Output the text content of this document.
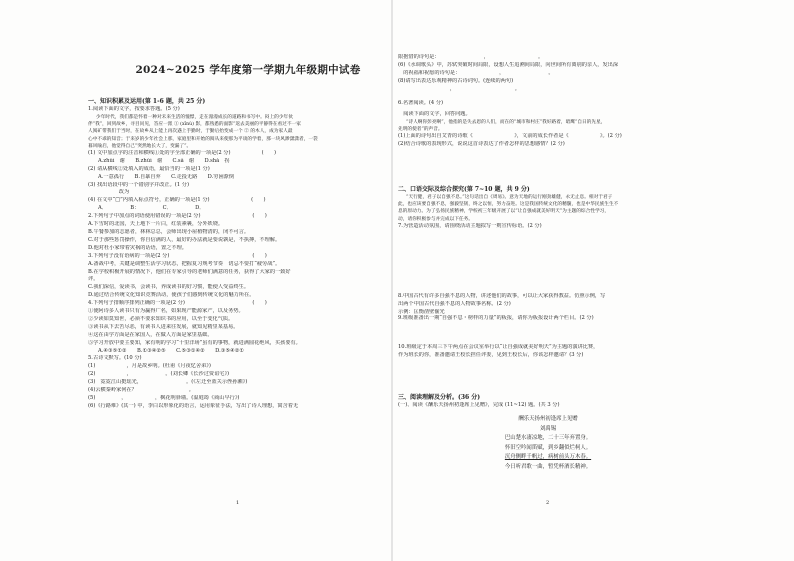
2024~2025 学年度第一学期九年级期中试卷
一、知识积累及运用(第 1-6 题，共 25 分)
1.阅读下面的文字，按要求答题。(5 分)
少年时代，我们都是怀着一种对未来生活的憧憬，走在漫漫成长的道路和书写中。闷上的少年伙
伴“我”，回到故乡，寻目问见，答应一派 ① (xīnù) 影，都熟悉的面影“返去美丽的平静得在看过不一家
人阅矿带我们于当时，在故乡从上能上再次遇上手勤时，于勤后抬变成一个 ② 的木人，成为家人最
心中不乖的知音；于来岁的少年社会上那，家庭里和开始的阅从来使那为平谈的学着，那一块风渺潇潇者，一袋
暮风喻启，他觉得自己“突然地长大了，变漏了”。
(1) 文中加点字的注音和横线①处的字全部正确的一项是(2 分)　　　　　　(　　)
A.zhǔì　谢　　B.zhǔì　谢　　C.sǎ　谢　　D.shǎ　拐
(2) 请从横线②处填入的成语，最恰当的一项是(1 分)
A.一意孤行　　B.自暴自弃　　C.走投无路　　D.穷困潦倒
(3) 找出语段中的一个错别字并改正。(1 分)
　　　　改为
(4) 在文中“□”内填入标点符号，正确的一项是(1 分)　　　　　　　　(　　)
A．　　　　　B：　　　　　C．　　　　　D．
2.下列句子中加点的词语使用错误的一项是(2 分)　　　　　　　　　　(　　)
A.下雪时的北国，天上地下一片白，红装素裹，分外妖娆。
B.午餐参加的志愿者，林林总总，会师出现小屋植物清的，闭不可言。
C.对于那些惩罚操作，你自信满的人，最好的办法就是要说孰是，不执搏，不理解。
D.他对杜小家带着灾祸的话语，置之不理。
3.下列句子没有语病的一项是(2 分)　　　　　　　　　　　　　　　　(　　)
A.备战中考，关键是调整生活学习状态，把握复习规考节奏　切忌不要打“疲劳战”。
B.在学校积极开展的情况下，他们在专家引导的老师们满意的任务，获得了大家的一致好
评。
C.我们深信，爱读书，会读书，养成读书的好习惯，能使人受益终生。
D.通过结合传统文化知识竞赛活动，使孩子们感到传统文化的魅力所在。
4.下列句子排顺序排列正确的一项是(2 分)　　　　　　　　　　　　　(　　)
①使阿诗多人读书只有为赢得广名，如果现产能源家产，以及务势。
②少读如莫知世，必须不要求知识书的应用，以至于变化气质。
③读书从下去苦尽恶，有读书人进来往发展，就知见精里某基易。
④这在由学方面是在家国人，在做人方面是家里基础。
⑤学习开放中要主要知，家有明的学习“十里洋场”虽有的事物，就进满圆花绝风，买孩要有。
A.④③⑤①②　　B.①③④②⑤　　C.⑤③①④②　　D.③⑤④②①
5.古诗文默写。(10 分)
(1)　　　　　　，月是故乡明。(杜甫《月夜忆舍弟》)
(2)　　　　　　，　　　　　　　。(刘长卿《长沙过贾谊宅》)
(3)　霓霓江山挺瑶光，　　　　　　　　　。(《左迁至蓝关示侄孙湘》)
(4)云横秦岭家何在？　　　　　　　　　　。
(5)　　　　　，　　　　　　，枫花明驿墙。(温庭筠《商山早行》)
(6)《行路难》(其一) 中，李白以形象化的语言，运用象征手法，写出了诗人理想，寓含着无
1
限抱惜的诗句是：　　　　　　　　　，　　　　　　　　　　。
(6)《水调歌头》中，苏轼突破时间局限，设想人生追溯间局限，向世间所有离别的亲人，发出深
　的祝福和祝愿的诗句是：　　　　　　　　，　　　　　　　　　。
(8)请写出表达乐观精神的古诗词句。(连续的两句)
　　　　　　　　　　，　　　　　　　　　　　　。
6.名著阅读。(4 分)
　阅读下面的文字，回答问题。
“诗人啊你彭亮啊”，他指的是失去恩的人们，而在的“城市和村庄”我好路着，暗鹰“自日的先星，
先明的使者”的声音。
(1)上面的诗句出自艾青的诗歌《　　　　　　　　》，文前的成长作者是《　　　　　　》。(2 分)
(2)结合诗歌的表现形式，说说这首诗表达了作者怎样的思想感情？(2 分)
二、口语交际及综合探究(第 7~10 题，共 9 分)
“天行健，君子以自强不息。”这句话出自《周易》。意为天地的运行刚劲雄健，永无止息。相对于君子
此，也应该要自强不息，强毅坚韧，终之以恒，努力奋进。这是我国传统文化的精髓，也是中华民族生生不
息的原动力。为了弘扬民族精神，学校初三年级开展了以“让自强成就美好明天”为主题的综合性学习，
动，请你积极参与并完成以下任务。
7.为营造活动氛围，请围绕活动主题拟写一则宣传标语。(2 分)
8.中国古代有许多自强不息的人物，讲述他们的故事，可以让大家获得教益。仿照示例，写
出两个中国古代自强不息的人物故事名称。(2 分)
示例：匡衡凿壁偷光
9.班级准备出一期“自强不息・榜样的力量”的板报，请你为板报设计两个栏目。(2 分)
10.班级定于本周三下午两点在会议室举行以“让自强成就美好明天”为主题的演讲比赛，
作为班长的你，准备邀请王校长担任评委，见到王校长后，你该怎样邀请？(3 分)
三、阅读理解及分析。(36 分)
(一)、阅读《酬乐天扬州初逢席上见赠》，完成 (11~12) 题。(共 3 分)
酬乐天扬州初逢席上见赠
刘禹锡
巴山楚水凄凉地，二十三年弃置身。
怀旧空吟闻笛赋，到乡翻似烂柯人。
沉舟侧畔千帆过，病树前头万木春。
今日听君歌一曲，暂凭杯酒长精神。
2
